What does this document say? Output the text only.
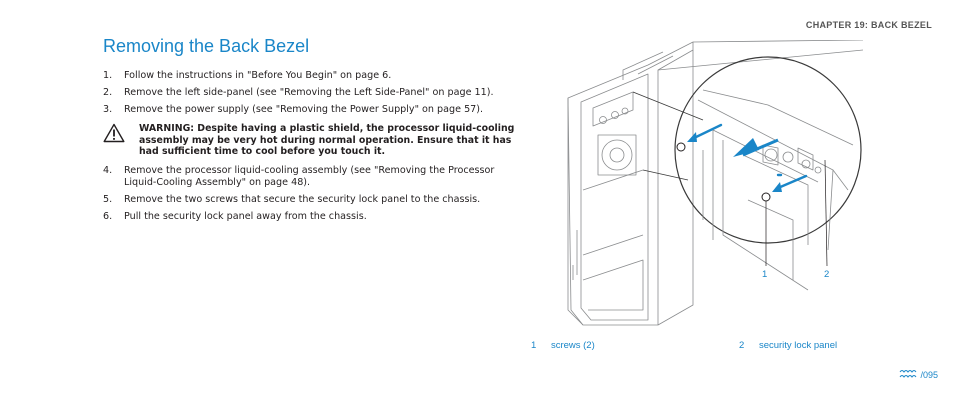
CHAPTER 19: BACK BEZEL
Removing the Back Bezel
1. Follow the instructions in "Before You Begin" on page 6.
2. Remove the left side-panel (see "Removing the Left Side-Panel" on page 11).
3. Remove the power supply (see "Removing the Power Supply" on page 57).
WARNING: Despite having a plastic shield, the processor liquid-cooling assembly may be very hot during normal operation. Ensure that it has had sufficient time to cool before you touch it.
4. Remove the processor liquid-cooling assembly (see "Removing the Processor Liquid-Cooling Assembly" on page 48).
5. Remove the two screws that secure the security lock panel to the chassis.
6. Pull the security lock panel away from the chassis.
1	2
1 screws (2)	2 security lock panel
/ 095
